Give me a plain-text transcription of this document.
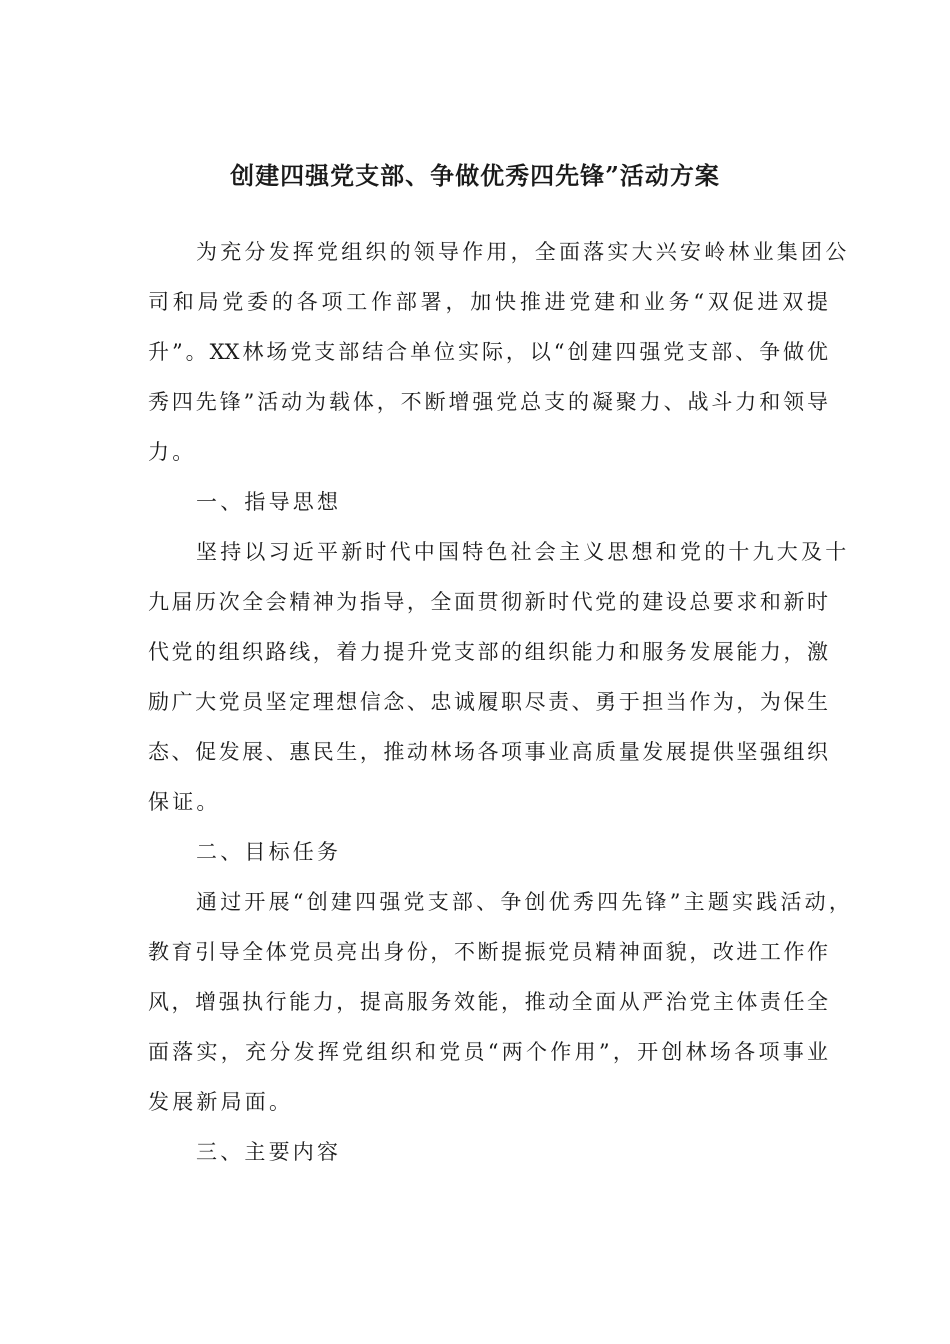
创建四强党支部、争做优秀四先锋”活动方案
为充分发挥党组织的领导作用，全面落实大兴安岭林业集团公
司和局党委的各项工作部署，加快推进党建和业务“双促进双提
升”。XX林场党支部结合单位实际，以“创建四强党支部、争做优
秀四先锋”活动为载体，不断增强党总支的凝聚力、战斗力和领导
力。
一、指导思想
坚持以习近平新时代中国特色社会主义思想和党的十九大及十
九届历次全会精神为指导，全面贯彻新时代党的建设总要求和新时
代党的组织路线，着力提升党支部的组织能力和服务发展能力，激
励广大党员坚定理想信念、忠诚履职尽责、勇于担当作为，为保生
态、促发展、惠民生，推动林场各项事业高质量发展提供坚强组织
保证。
二、目标任务
通过开展“创建四强党支部、争创优秀四先锋”主题实践活动，
教育引导全体党员亮出身份，不断提振党员精神面貌，改进工作作
风，增强执行能力，提高服务效能，推动全面从严治党主体责任全
面落实，充分发挥党组织和党员“两个作用”，开创林场各项事业
发展新局面。
三、主要内容
